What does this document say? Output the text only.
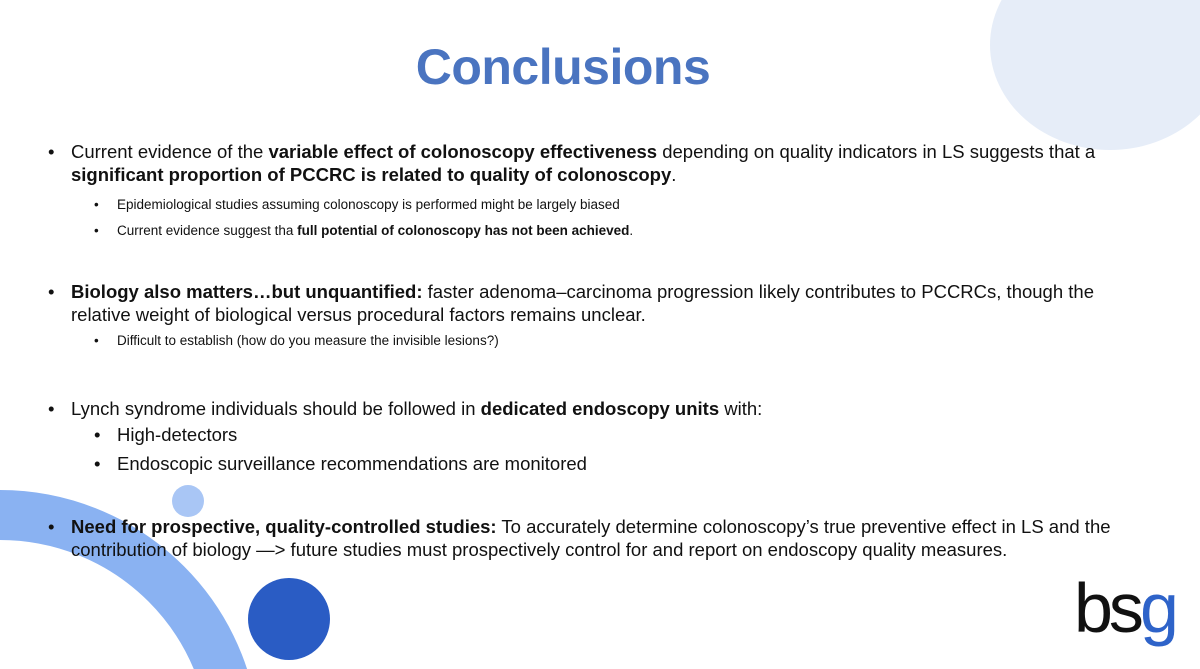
Conclusions

• Current evidence of the variable effect of colonoscopy effectiveness depending on quality indicators in LS suggests that a significant proportion of PCCRC is related to quality of colonoscopy.

• Epidemiological studies assuming colonoscopy is performed might be largely biased
• Current evidence suggest tha full potential of colonoscopy has not been achieved.

• Biology also matters…but unquantified: faster adenoma–carcinoma progression likely contributes to PCCRCs, though the relative weight of biological versus procedural factors remains unclear.

• Difficult to establish (how do you measure the invisible lesions?)

• Lynch syndrome individuals should be followed in dedicated endoscopy units with:

• High-detectors
• Endoscopic surveillance recommendations are monitored

• Need for prospective, quality-controlled studies: To accurately determine colonoscopy’s true preventive effect in LS and the contribution of biology —> future studies must prospectively control for and report on endoscopy quality measures.

bsg
